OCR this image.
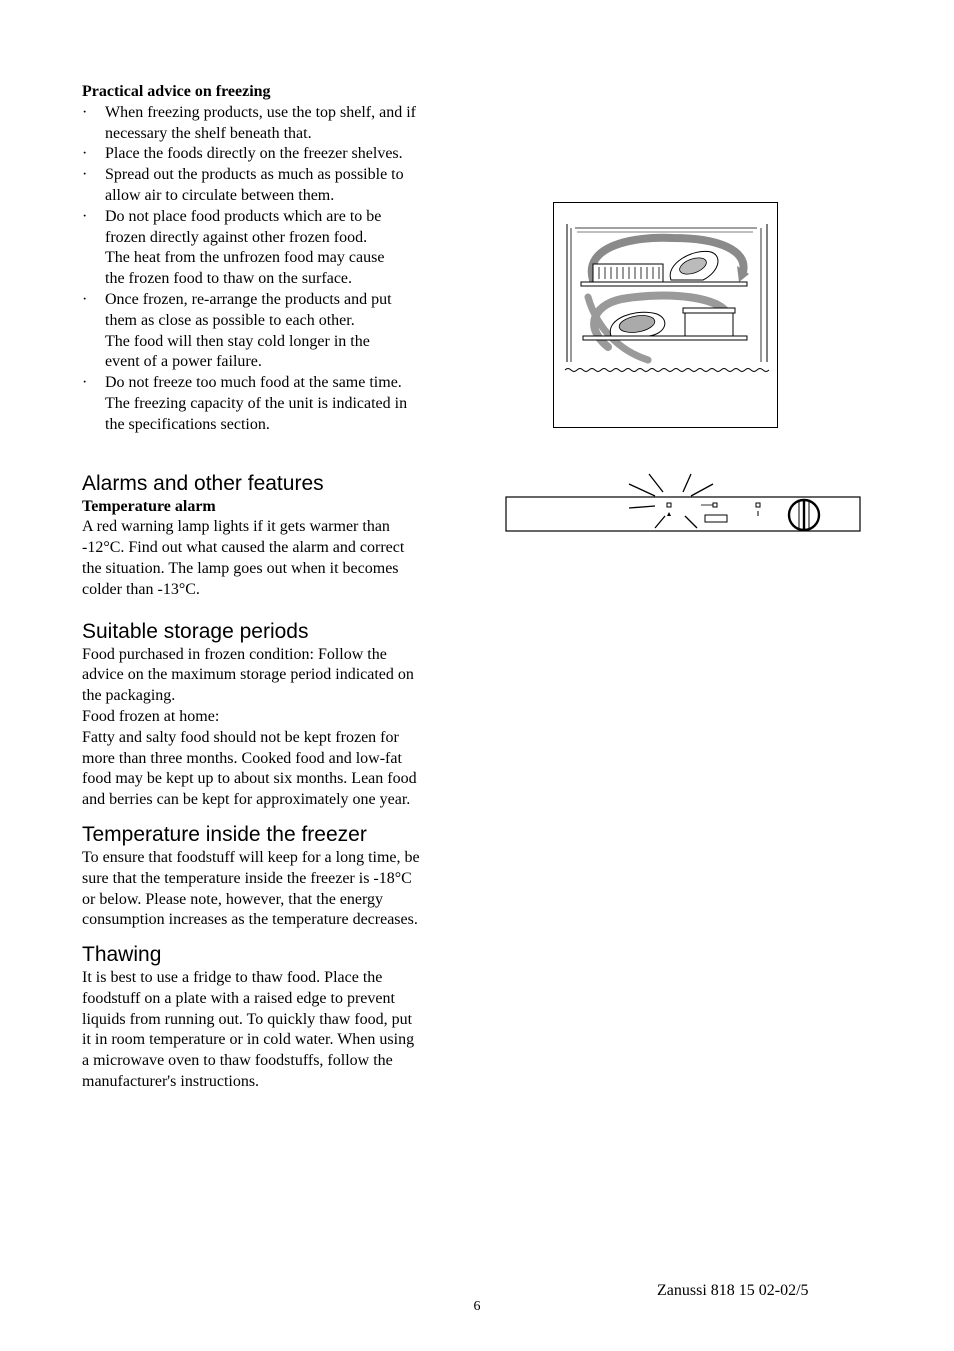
Practical advice on freezing

· When freezing products, use the top shelf, and if
necessary the shelf beneath that.
· Place the foods directly on the freezer shelves.
· Spread out the products as much as possible to
allow air to circulate between them.
· Do not place food products which are to be
frozen directly against other frozen food.
The heat from the unfrozen food may cause
the frozen food to thaw on the surface.
· Once frozen, re-arrange the products and put
them as close as possible to each other.
The food will then stay cold longer in the
event of a power failure.
· Do not freeze too much food at the same time.
The freezing capacity of the unit is indicated in
the specifications section.
Alarms and other features

Temperature alarm

A red warning lamp lights if it gets warmer than
-12°C. Find out what caused the alarm and correct
the situation. The lamp goes out when it becomes
colder than -13°C.

Suitable storage periods

Food purchased in frozen condition: Follow the
advice on the maximum storage period indicated on
the packaging.
Food frozen at home:
Fatty and salty food should not be kept frozen for
more than three months. Cooked food and low-fat
food may be kept up to about six months. Lean food
and berries can be kept for approximately one year.

Temperature inside the freezer

To ensure that foodstuff will keep for a long time, be
sure that the temperature inside the freezer is -18°C
or below. Please note, however, that the energy
consumption increases as the temperature decreases.

Thawing

It is best to use a fridge to thaw food. Place the
foodstuff on a plate with a raised edge to prevent
liquids from running out. To quickly thaw food, put
it in room temperature or in cold water. When using
a microwave oven to thaw foodstuffs, follow the
manufacturer's instructions.

Zanussi 818 15 02-02/5
6
